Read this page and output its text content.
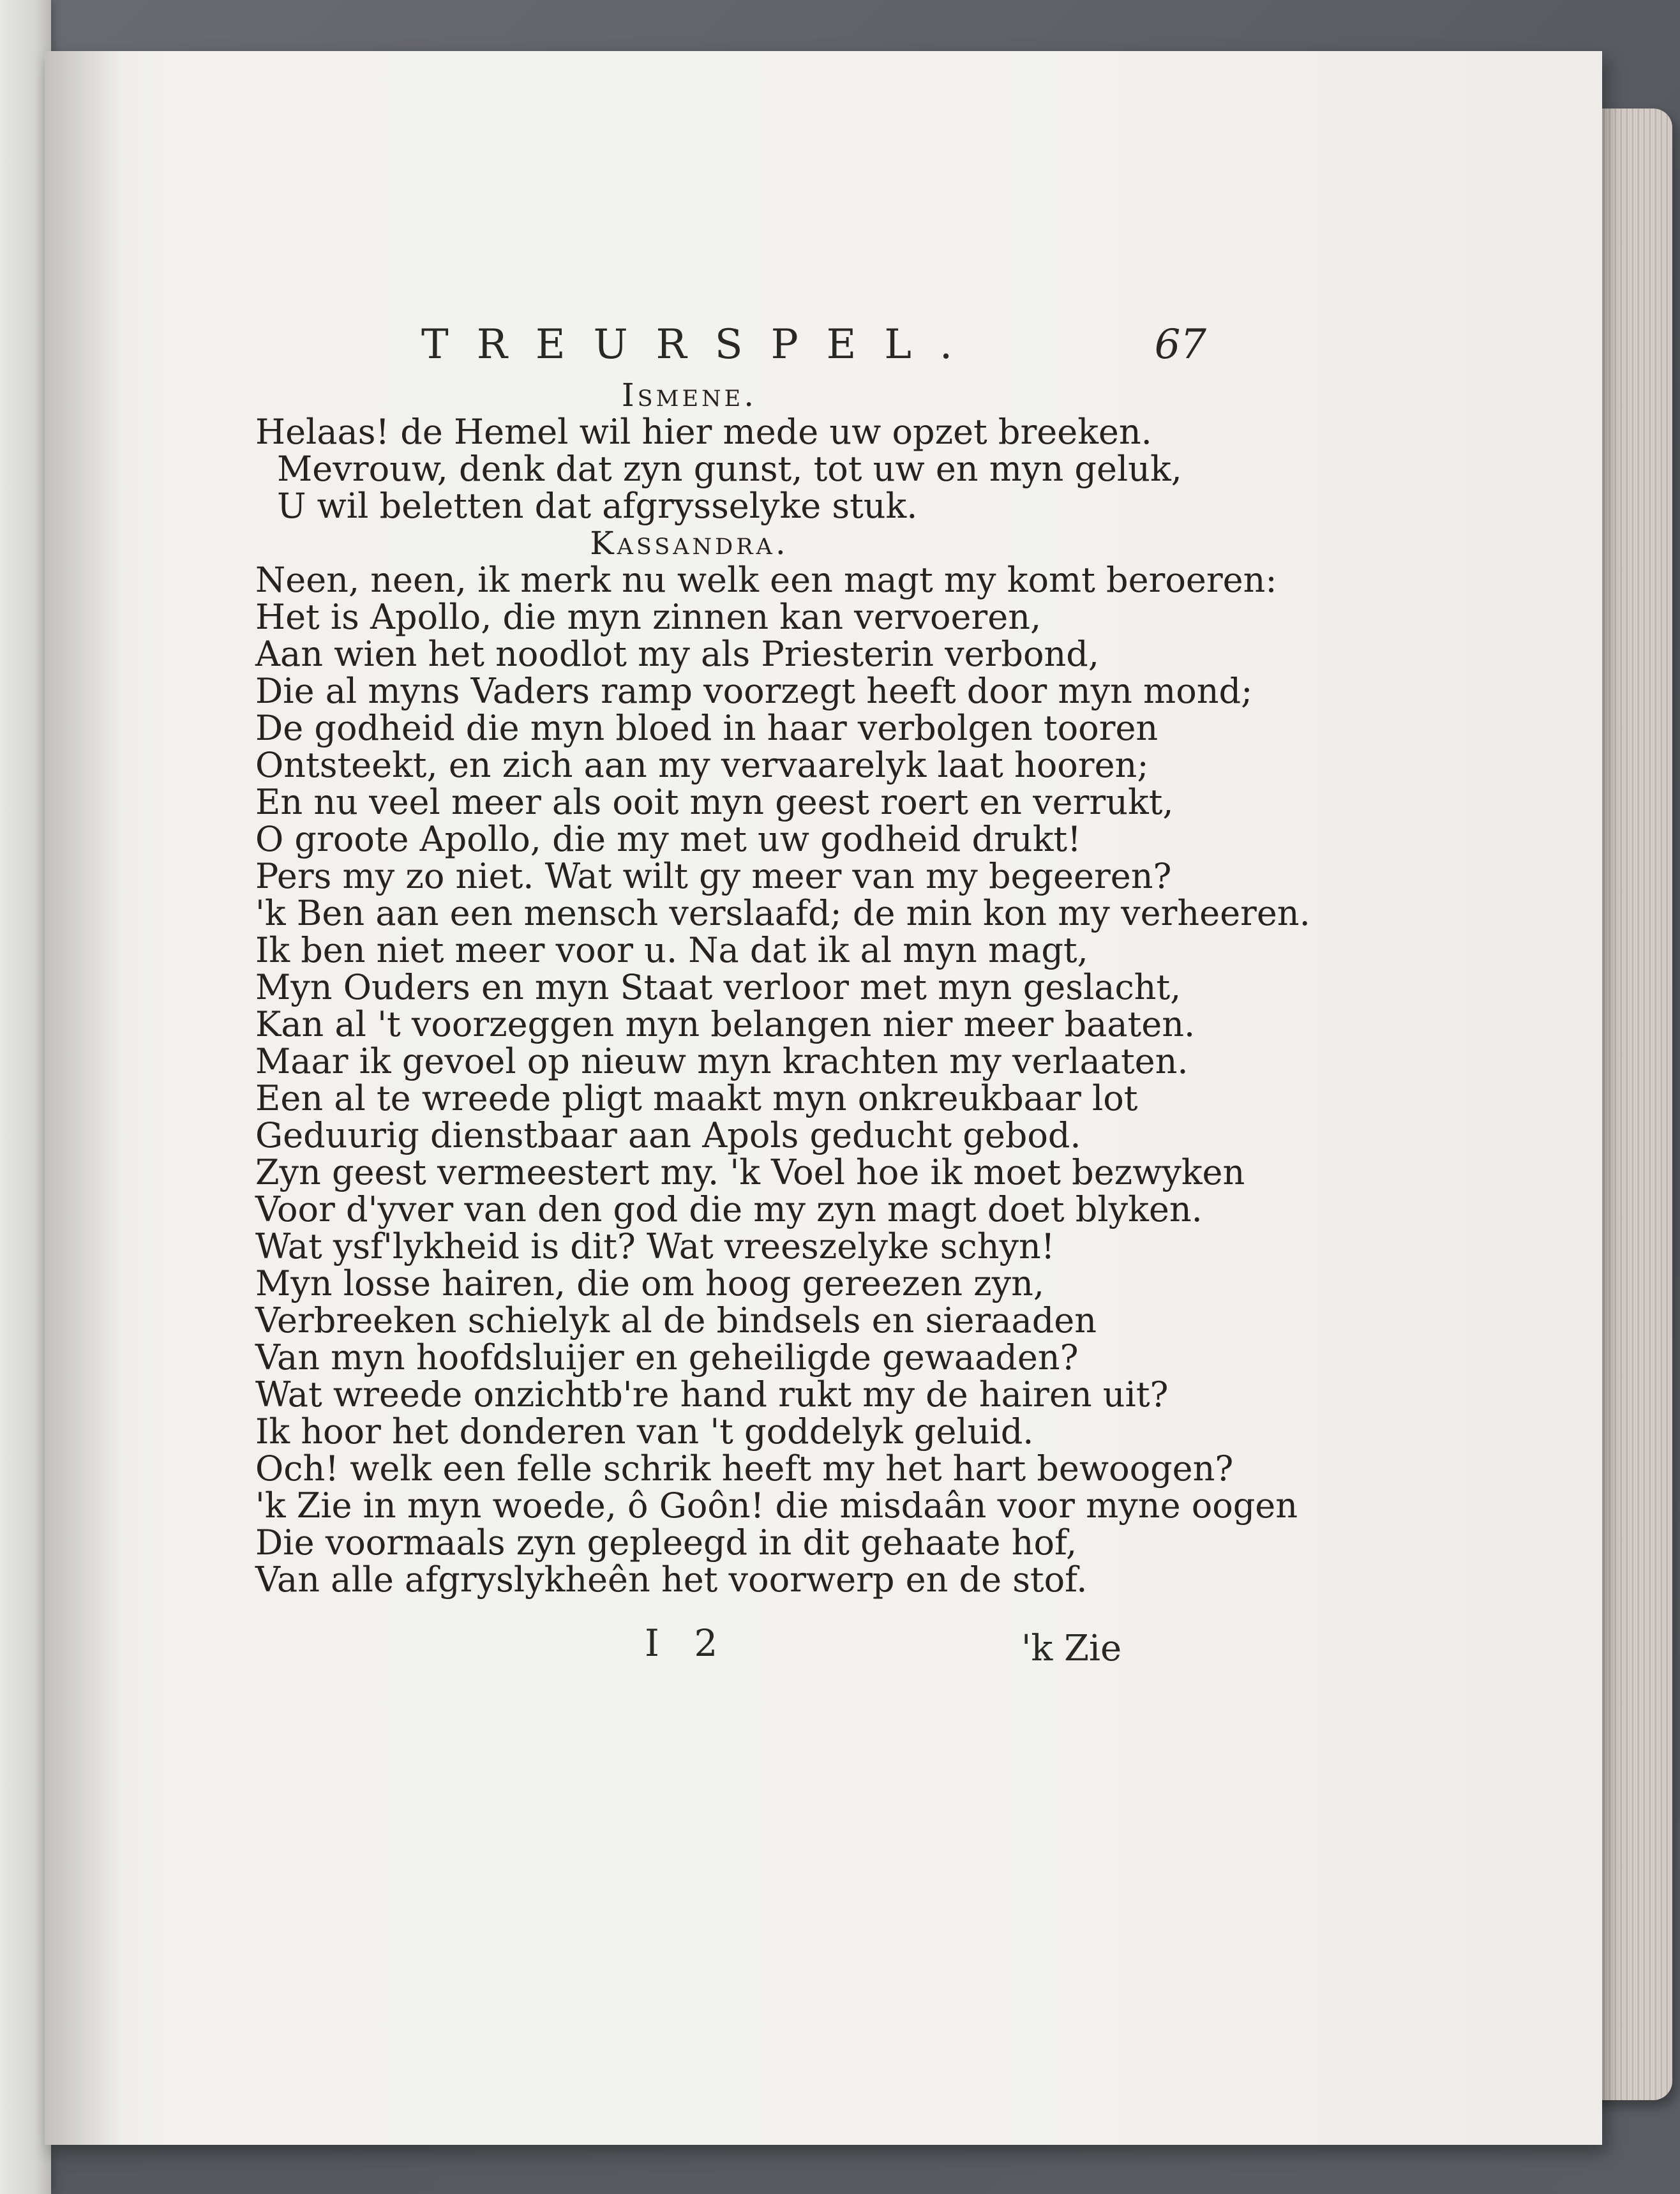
TREURSPEL.	67
Ismene.
Helaas! de Hemel wil hier mede uw opzet breeken.
Mevrouw, denk dat zyn gunst, tot uw en myn geluk,
U wil beletten dat afgrysselyke stuk.
Kassandra.
Neen, neen, ik merk nu welk een magt my komt beroeren:
Het is Apollo, die myn zinnen kan vervoeren,
Aan wien het noodlot my als Priesterin verbond,
Die al myns Vaders ramp voorzegt heeft door myn mond;
De godheid die myn bloed in haar verbolgen tooren
Ontsteekt, en zich aan my vervaarelyk laat hooren;
En nu veel meer als ooit myn geest roert en verrukt,
O groote Apollo, die my met uw godheid drukt!
Pers my zo niet. Wat wilt gy meer van my begeeren?
'k Ben aan een mensch verslaafd; de min kon my verheeren.
Ik ben niet meer voor u. Na dat ik al myn magt,
Myn Ouders en myn Staat verloor met myn geslacht,
Kan al 't voorzeggen myn belangen nier meer baaten.
Maar ik gevoel op nieuw myn krachten my verlaaten.
Een al te wreede pligt maakt myn onkreukbaar lot
Geduurig dienstbaar aan Apols geducht gebod.
Zyn geest vermeestert my. 'k Voel hoe ik moet bezwyken
Voor d'yver van den god die my zyn magt doet blyken.
Wat ysf'lykheid is dit? Wat vreeszelyke schyn!
Myn losse hairen, die om hoog gereezen zyn,
Verbreeken schielyk al de bindsels en sieraaden
Van myn hoofdsluijer en geheiligde gewaaden?
Wat wreede onzichtb're hand rukt my de hairen uit?
Ik hoor het donderen van 't goddelyk geluid.
Och! welk een felle schrik heeft my het hart bewoogen?
'k Zie in myn woede, ô Goôn! die misdaân voor myne oogen
Die voormaals zyn gepleegd in dit gehaate hof,
Van alle afgryslykheên het voorwerp en de stof.
I 2	'k Zie
